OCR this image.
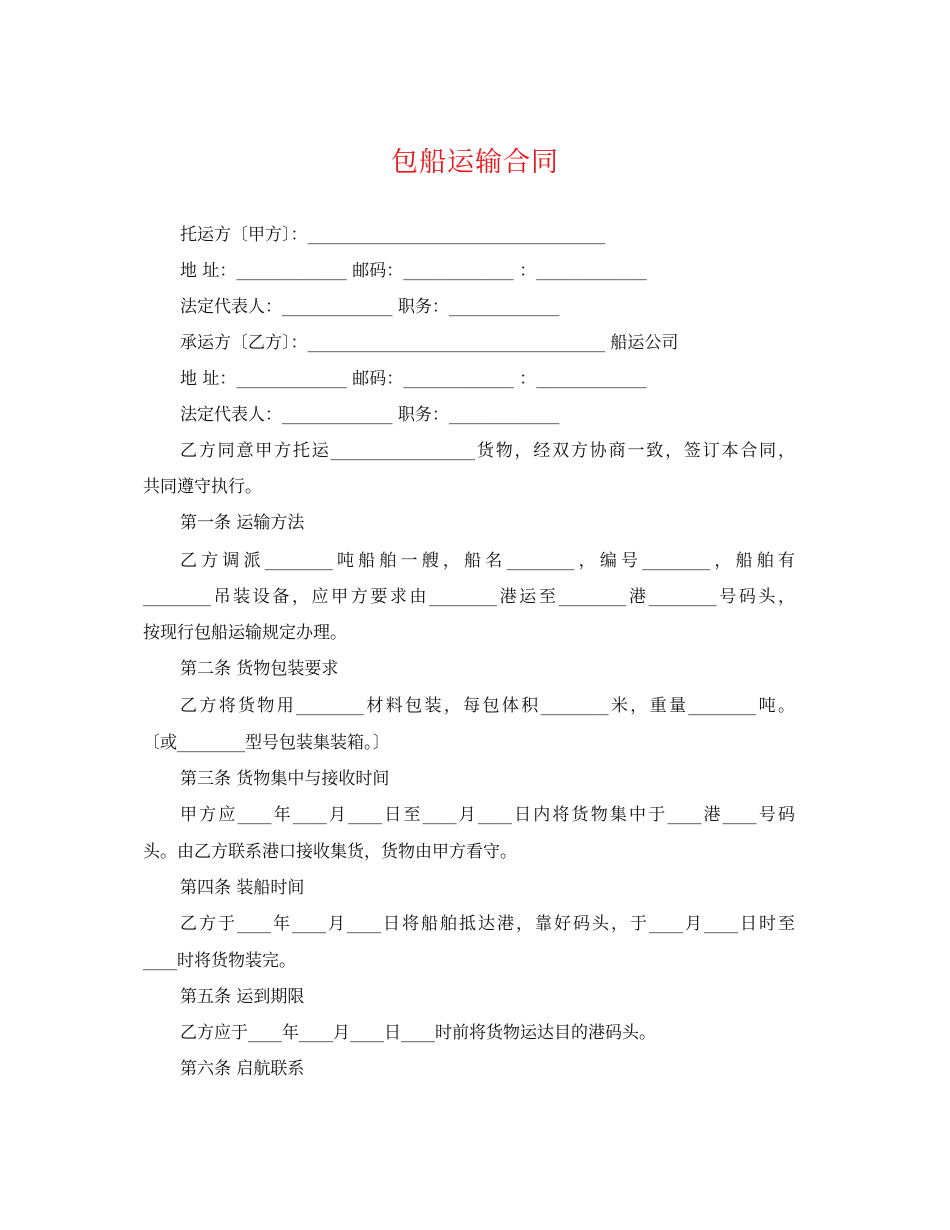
包船运输合同
托运方〔甲方〕：___________________________________
地 址：_____________ 邮码：_____________ ：_____________
法定代表人：_____________ 职务：_____________
承运方〔乙方〕：___________________________________ 船运公司
地 址：_____________ 邮码：_____________ ：_____________
法定代表人：_____________ 职务：_____________
乙方同意甲方托运_________________货物，经双方协商一致，签订本合同，
共同遵守执行。
第一条 运输方法
乙方调派________吨船舶一艘，船名________，编号________，船舶有
________吊装设备，应甲方要求由________港运至________港________号码头，
按现行包船运输规定办理。
第二条 货物包装要求
乙方将货物用________材料包装，每包体积________米，重量________吨。
〔或________型号包装集装箱。〕
第三条 货物集中与接收时间
甲方应____年____月____日至____月____日内将货物集中于____港____号码
头。由乙方联系港口接收集货，货物由甲方看守。
第四条 装船时间
乙方于____年____月____日将船舶抵达港，靠好码头，于____月____日时至
____时将货物装完。
第五条 运到期限
乙方应于____年____月____日____时前将货物运达目的港码头。
第六条 启航联系
